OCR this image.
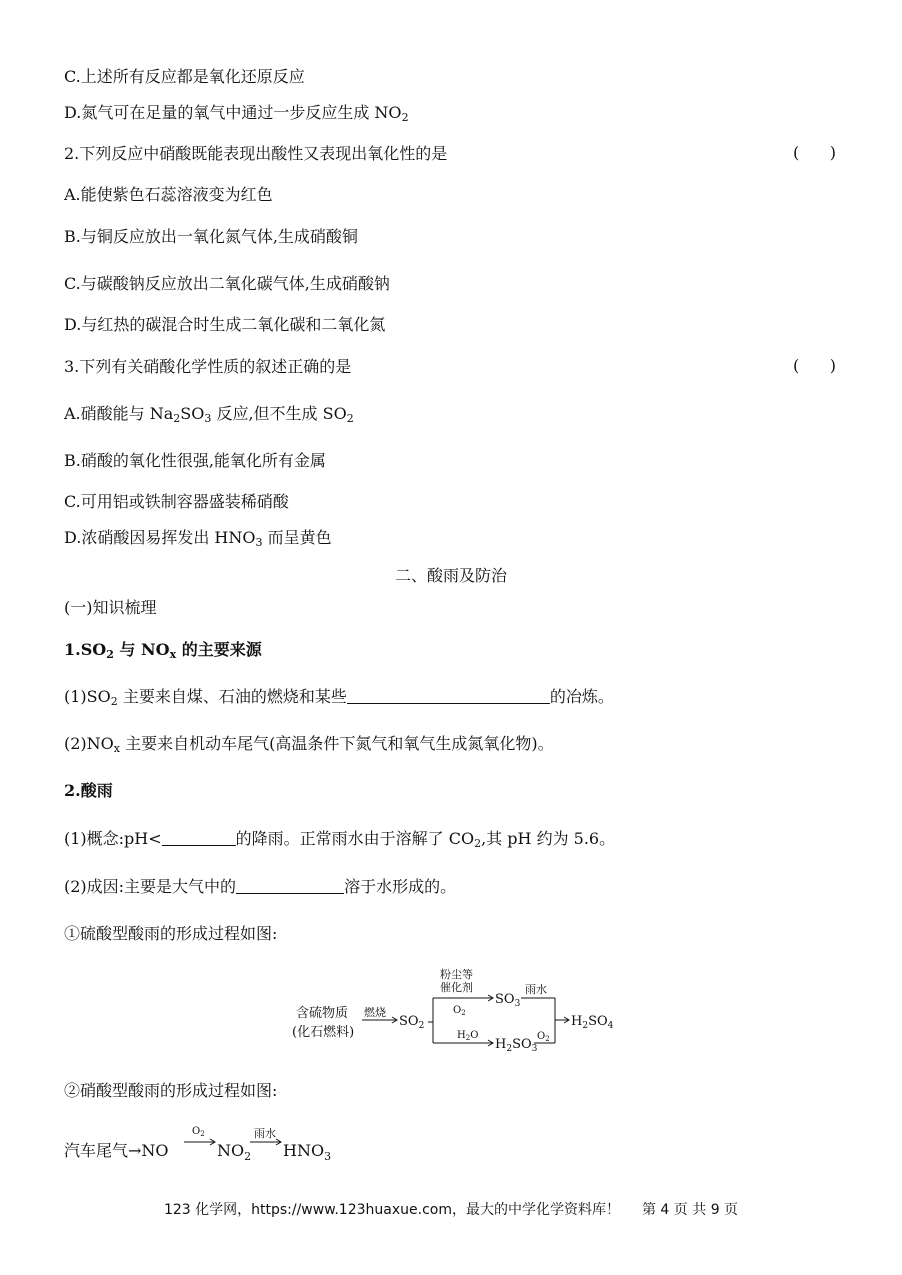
C.上述所有反应都是氧化还原反应
D.氮气可在足量的氧气中通过一步反应生成 $NO_2$
2.下列反应中硝酸既能表现出酸性又表现出氧化性的是	(      )
A.能使紫色石蕊溶液变为红色
B.与铜反应放出一氧化氮气体,生成硝酸铜
C.与碳酸钠反应放出二氧化碳气体,生成硝酸钠
D.与红热的碳混合时生成二氧化碳和二氧化氮
3.下列有关硝酸化学性质的叙述正确的是	(      )
A.硝酸能与 $Na_2SO_3$ 反应,但不生成 $SO_2$
B.硝酸的氧化性很强,能氧化所有金属
C.可用铝或铁制容器盛装稀硝酸
D.浓硝酸因易挥发出 $HNO_3$ 而呈黄色
二、酸雨及防治
(一)知识梳理
$1.SO_2$ 与 $NO_x$ 的主要来源
$(1)SO_2$ 主要来自煤、石油的燃烧和某些	的冶炼。
$(2)NO_x$ 主要来自机动车尾气(高温条件下氮气和氧气生成氮氧化物)。
2.酸雨
(1)概念:pH<	的降雨。正常雨水由于溶解了 $CO_2$,其 pH 约为 5.6。
(2)成因:主要是大气中的	溶于水形成的。
①硫酸型酸雨的形成过程如图:
含硫物质
(化石燃料)
燃烧
$SO_2$
粉尘等
催化剂
$O_2$
$SO_3$
雨水
$H_2O$
$H_2SO_3$
$O_2$
$H_2SO_4$
②硝酸型酸雨的形成过程如图:
汽车尾气→NO
$O_2$
$NO_2$
雨水
$HNO_3$
123 化学网，https://www.123huaxue.com，最大的中学化学资料库！ 第 4 页 共 9 页
